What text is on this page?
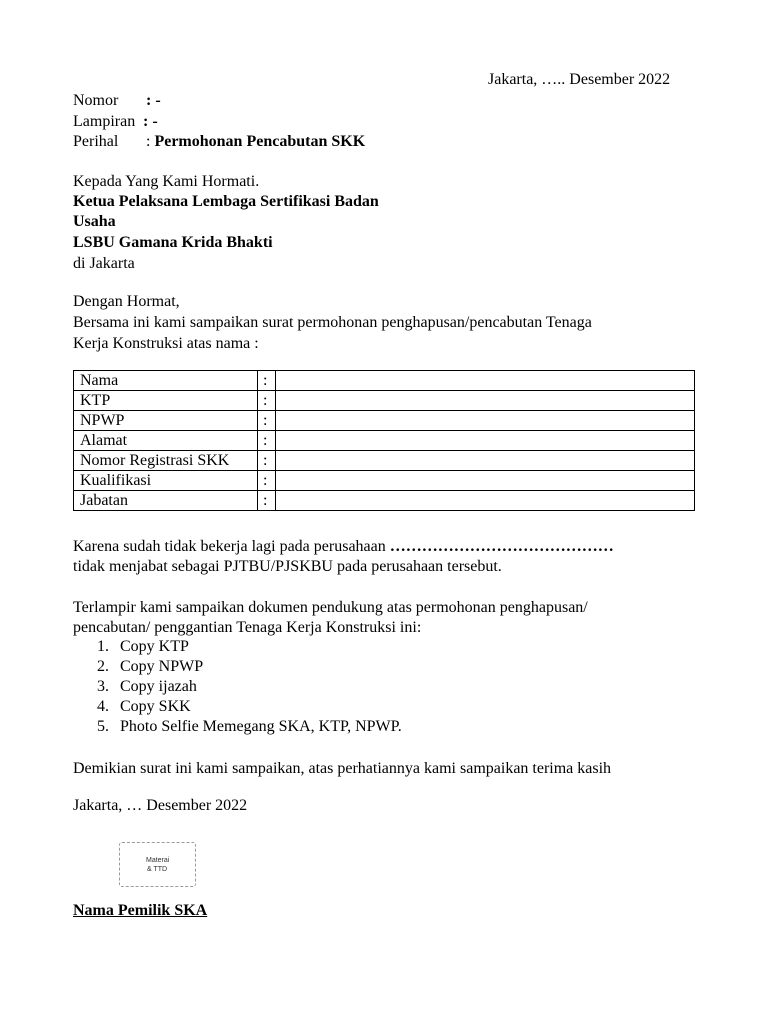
Jakarta, ….. Desember 2022
Nomor : -
Lampiran : -
Perihal : Permohonan Pencabutan SKK
Kepada Yang Kami Hormati.
Ketua Pelaksana Lembaga Sertifikasi Badan
Usaha
LSBU Gamana Krida Bhakti
di Jakarta
Dengan Hormat,
Bersama ini kami sampaikan surat permohonan penghapusan/pencabutan Tenaga
Kerja Konstruksi atas nama :
Nama	:	
KTP	:	
NPWP	:	
Alamat	:	
Nomor Registrasi SKK	:	
Kualifikasi	:	
Jabatan	:	
Karena sudah tidak bekerja lagi pada perusahaan ……………………………………
tidak menjabat sebagai PJTBU/PJSKBU pada perusahaan tersebut.
Terlampir kami sampaikan dokumen pendukung atas permohonan penghapusan/
pencabutan/ penggantian Tenaga Kerja Konstruksi ini:
1. Copy KTP
2. Copy NPWP
3. Copy ijazah
4. Copy SKK
5. Photo Selfie Memegang SKA, KTP, NPWP.
Demikian surat ini kami sampaikan, atas perhatiannya kami sampaikan terima kasih
Jakarta, … Desember 2022
Materai
& TTD
Nama Pemilik SKA
